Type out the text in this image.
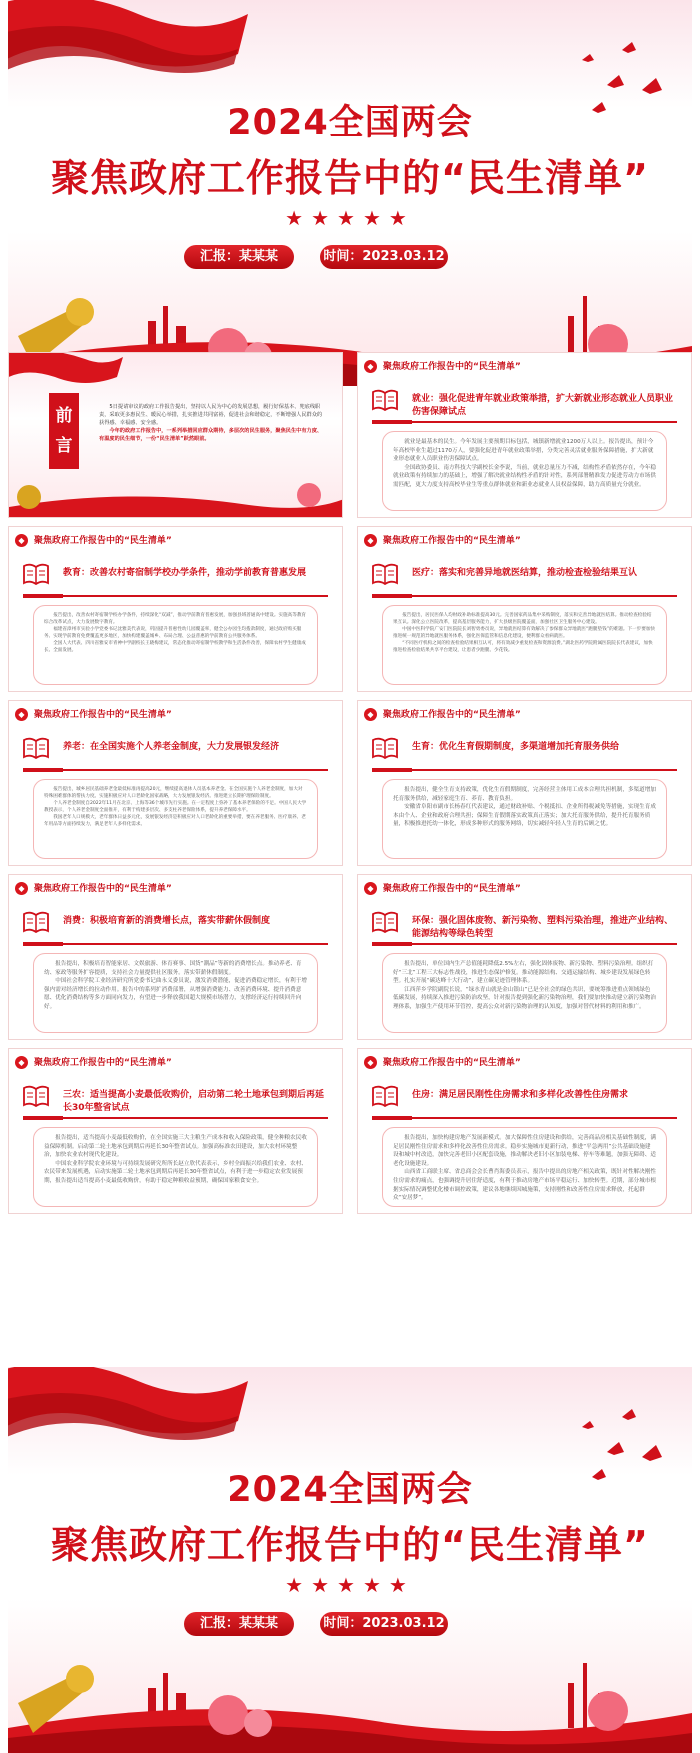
2024全国两会
聚焦政府工作报告中的“民生清单”
★★★★★
汇报：某某某	时间：2023.03.12
前言

5日提请审议的政府工作报告提出，坚持以人民为中心的发展思想，履行好保基本、兜底线职责，采取更多惠民生、暖民心举措，扎实推进共同富裕，促进社会和谐稳定，不断增强人民群众的获得感、幸福感、安全感。

今年的政府工作报告中，一系列举措回应群众期待，多层次的民生服务，聚焦民生中有力度、有温度的民生细节，一份“民生清单”跃然眼前。

◆	聚焦政府工作报告中的“民生清单”
就业：强化促进青年就业政策举措，扩大新就业形态就业人员职业伤害保障试点

就业是最基本的民生。今年发展主要预期目标包括，城镇新增就业1200万人以上。报告提出，预计今年高校毕业生超过1170万人，要强化促进青年就业政策举措，分类完善灵活就业服务保障措施，扩大新就业形态就业人员职业伤害保障试点。

全国政协委员、南方科技大学副校长金李说，当前，就业总量压力不减，结构性矛盾依然存在，今年稳就业政策有持续加力的基础上，增强了解决就业结构性矛盾的针对性，系列部署精准发力促进劳动力市场供需匹配，更大力度支持高校毕业生等重点群体就业和新业态就业人员权益保障，助力高质量充分就业。

◆	聚焦政府工作报告中的“民生清单”
教育：改善农村寄宿制学校办学条件，推动学前教育普惠发展

报告提出，改善农村寄宿制学校办学条件，持续深化“双减”，推动学前教育普惠发展，加强县域普通高中建设。实施高等教育综合改革试点，大力发展数字教育。

福建省漳州市实验小学党委书记沈雅美代表说，巩固提升普惠性幼儿园覆盖率，健全公办园生均拨款制度，通过政府购买服务、实现学前教育免费覆盖更多地区，加快构建覆盖城乡、布局合理、公益普惠的学前教育公共服务体系。

全国人大代表、四川省雅安市青神中学副校长王晓梅建议，常态化推动寄宿制学校教学和生活条件改善，保障农村学生健康成长、全面发展。

◆	聚焦政府工作报告中的“民生清单”
医疗：落实和完善异地就医结算，推动检查检验结果互认

报告提出，居民医保人均财政补助标准提高30元。完善国家药品集中采购制度，落实和完善异地就医结算。推动检查检验结果互认。深化公立医院改革，提高基层服务能力，扩大县级医院覆盖面，加强社区卫生服务中心建设。

中国中医科学院广安门医院院长刘智勇委员说，异地就医结算有效解决了参保群众异地就医“跑腿垫钱”的难题。下一步要加快推进统一规范的异地就医服务体系，强化医保监管和信息化建设，便利群众看病就医。

“不同医疗机构之间的检查检验结果相互认可，将有效减少重复检查和资源浪费。”湖北医药学院附属医院院长代表建议，加快推进检查检验结果共享平台建设，让患者少跑腿、少花钱。

◆	聚焦政府工作报告中的“民生清单”
养老：在全国实施个人养老金制度，大力发展银发经济

报告提出，城乡居民基础养老金最低标准再提高20元，继续提高退休人员基本养老金。在全国实施个人养老金制度，加大对特殊困难群体的帮扶力度。实施积极应对人口老龄化国家战略，大力发展银发经济。推进建立长期护理保险制度。

个人养老金制度自2022年11月在北京、上海等36个城市先行实施。在一定程度上弥补了基本养老保险的不足。中国人民大学教授表示，个人养老金制度全面推开，有利于构建多层次、多支柱养老保险体系，提升养老保障水平。

我国老年人口规模大，老年群体日益多元化，发展银发经济是积极应对人口老龄化的重要举措，要在养老服务、医疗康养、老年用品等方面持续发力，满足老年人多样化需求。

◆	聚焦政府工作报告中的“民生清单”
生育：优化生育假期制度，多渠道增加托育服务供给

报告提出，健全生育支持政策，优化生育假期制度，完善经营主体用工成本合理共担机制，多渠道增加托育服务供给，减轻家庭生育、养育、教育负担。

安徽省阜阳市副市长杨春红代表建议，通过财政补贴、个税抵扣、企业所得税减免等措施，实现生育成本由个人、企业和政府合理共担；保障生育假期落实政策真正落实；加大托育服务供给，提升托育服务质量，积极推进托幼一体化，形成多种形式的服务网络，切实减轻年轻人生育的后顾之忧。

◆	聚焦政府工作报告中的“民生清单”
消费：积极培育新的消费增长点，落实带薪休假制度

报告提出，积极培育智能家居、文娱旅游、体育赛事、国货“潮品”等新的消费增长点。推动养老、育幼、家政等服务扩容提质，支持社会力量提供社区服务。落实带薪休假制度。

中国社会科学院工业经济研究所党委书记曲永义委员说，激发消费潜能，促进消费稳定增长，有利于增强内需对经济增长的拉动作用。报告中的系列扩消费部署，从增强消费能力、改善消费环境、提升消费意愿、优化消费结构等多方面同向发力，有望进一步释放我国超大规模市场潜力，支撑经济运行持续回升向好。

◆	聚焦政府工作报告中的“民生清单”
环保：强化固体废物、新污染物、塑料污染治理，推进产业结构、能源结构等绿色转型

报告提出，单位国内生产总值能耗降低2.5%左右，强化固体废物、新污染物、塑料污染治理。组织打好“三北”工程三大标志性战役，推进生态保护修复。推动能源结构、交通运输结构、城乡建设发展绿色转型。扎实开展“碳达峰十大行动”，建立碳足迹管理体系。

江西萍乡学院副院长说，“绿水青山就是金山银山”已是全社会的绿色共识，要统筹推进重点领域绿色低碳发展，持续深入推进污染防治攻坚，针对报告提到强化新污染物治理，我们要加快推动建立新污染物治理体系，加强生产使用环节管控，提高公众对新污染物治理的认知度，加强对替代材料的利用和推广。

◆	聚焦政府工作报告中的“民生清单”
三农：适当提高小麦最低收购价，启动第二轮土地承包到期后再延长30年整省试点

报告提出，适当提高小麦最低收购价，在全国实施三大主粮生产成本和收入保险政策，健全种粮农民收益保障机制。启动第二轮土地承包到期后再延长30年整省试点。加强高标准农田建设，加大农村环境整治，加快农业农村现代化建设。

中国农业科学院农业环境与可持续发展研究所所长赵立欣代表表示，乡村全面振兴给我们农业、农村、农民带来发展机遇，启动实施第二轮土地承包到期后再延长30年整省试点，有利于进一步稳定农业发展预期，报告提出适当提高小麦最低收购价，有助于稳定种粮收益预期，确保国家粮食安全。

◆	聚焦政府工作报告中的“民生清单”
住房：满足居民刚性住房需求和多样化改善性住房需求

报告提出，加快构建房地产发展新模式。加大保障性住房建设和供给，完善商品房相关基础性制度，满足居民刚性住房需求和多样化改善性住房需求。稳步实施城市更新行动，推进“平急两用”公共基础设施建设和城中村改造，加快完善老旧小区配套设施，推动解决老旧小区加装电梯、停车等难题，加强无障碍、适老化设施建设。

山西省工商联主席、省总商会会长曹肖海委员表示，报告中提出的房地产相关政策，既针对性解决刚性住房需求的痛点，也强调提升居住舒适度，有利于推动房地产市场平稳运行、加快转型。近期，部分城市根据实际情况调整优化楼市调控政策，建议各地继续因城施策，支持刚性和改善性住房需求释放，托起群众“安居梦”。

2024全国两会
聚焦政府工作报告中的“民生清单”
★★★★★
汇报：某某某	时间：2023.03.12
